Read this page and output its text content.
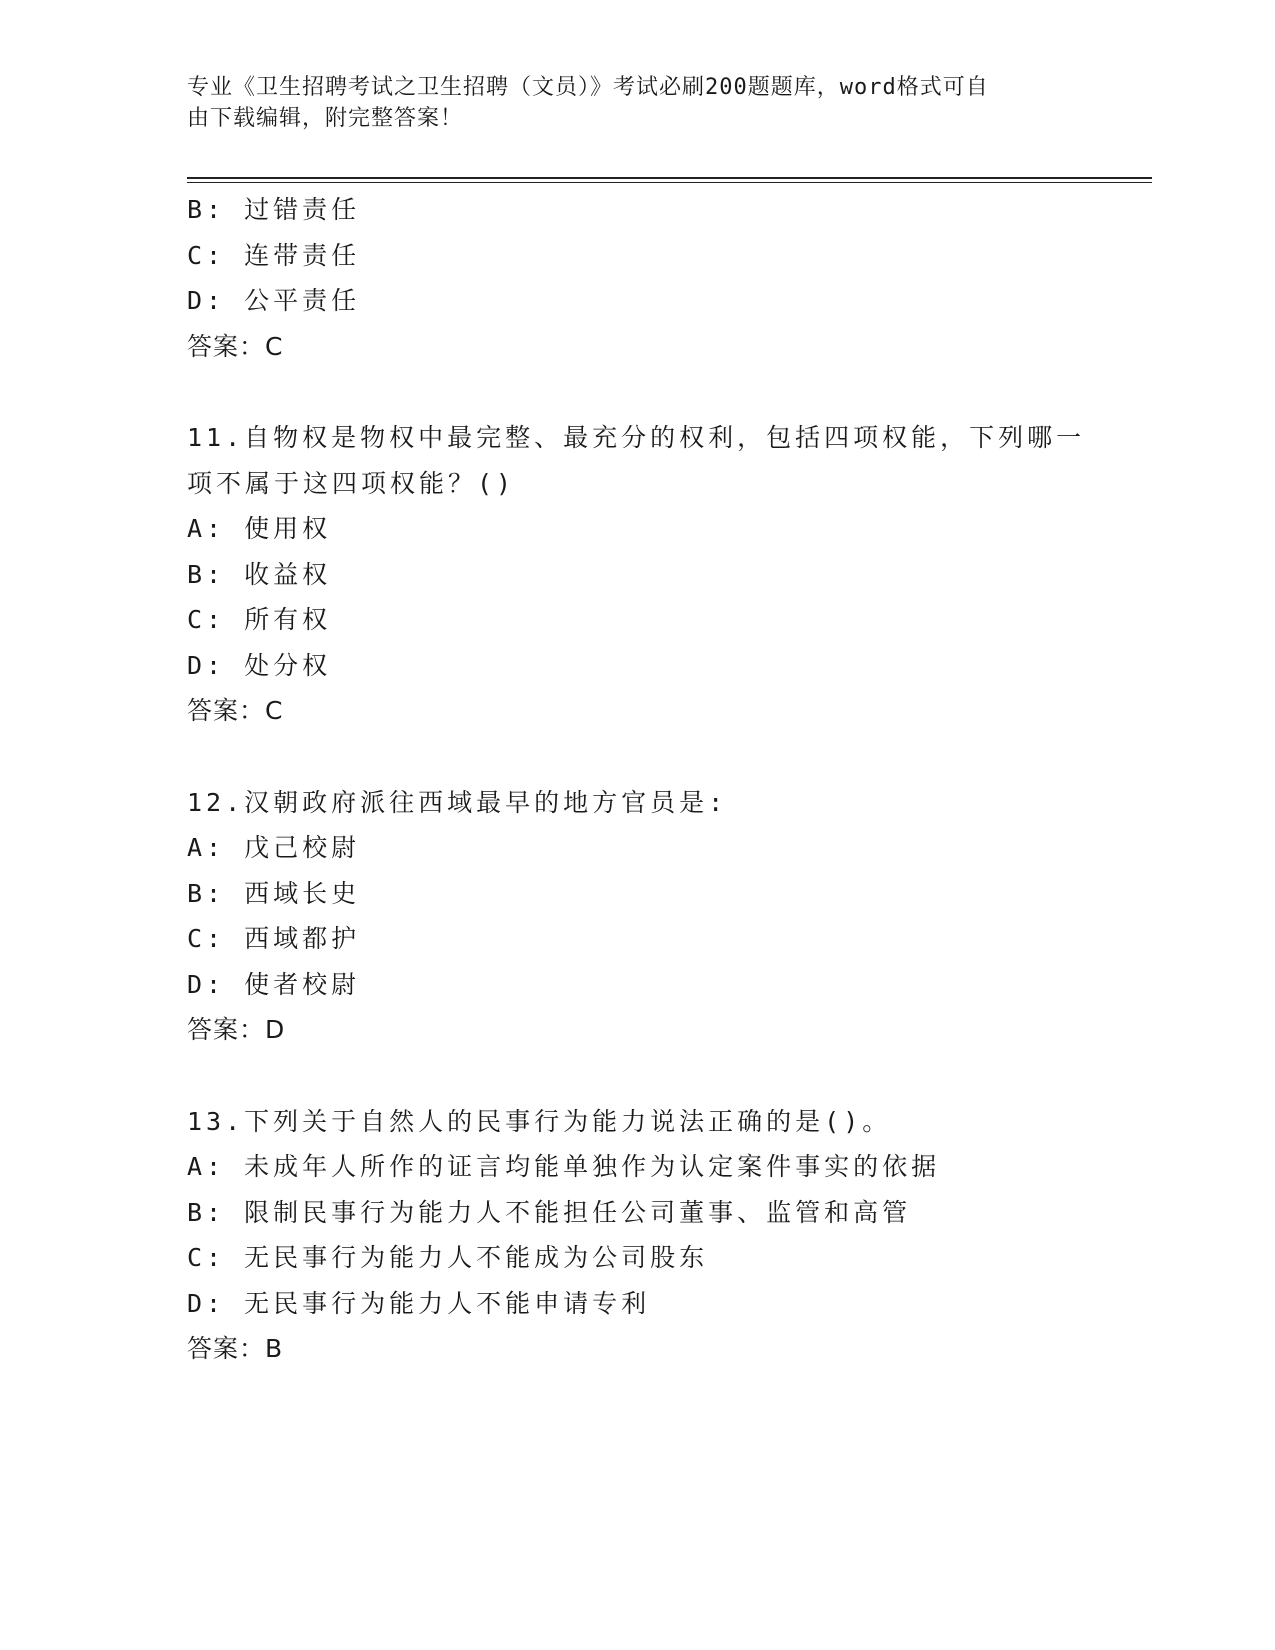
专业《卫生招聘考试之卫生招聘（文员）》考试必刷200题题库，word格式可自
由下载编辑，附完整答案！
B: 过错责任
C: 连带责任
D: 公平责任
答案：C
11.自物权是物权中最完整、最充分的权利，包括四项权能，下列哪一
项不属于这四项权能？()
A: 使用权
B: 收益权
C: 所有权
D: 处分权
答案：C
12.汉朝政府派往西域最早的地方官员是:
A: 戊己校尉
B: 西域长史
C: 西域都护
D: 使者校尉
答案：D
13.下列关于自然人的民事行为能力说法正确的是()。
A: 未成年人所作的证言均能单独作为认定案件事实的依据
B: 限制民事行为能力人不能担任公司董事、监管和高管
C: 无民事行为能力人不能成为公司股东
D: 无民事行为能力人不能申请专利
答案：B
